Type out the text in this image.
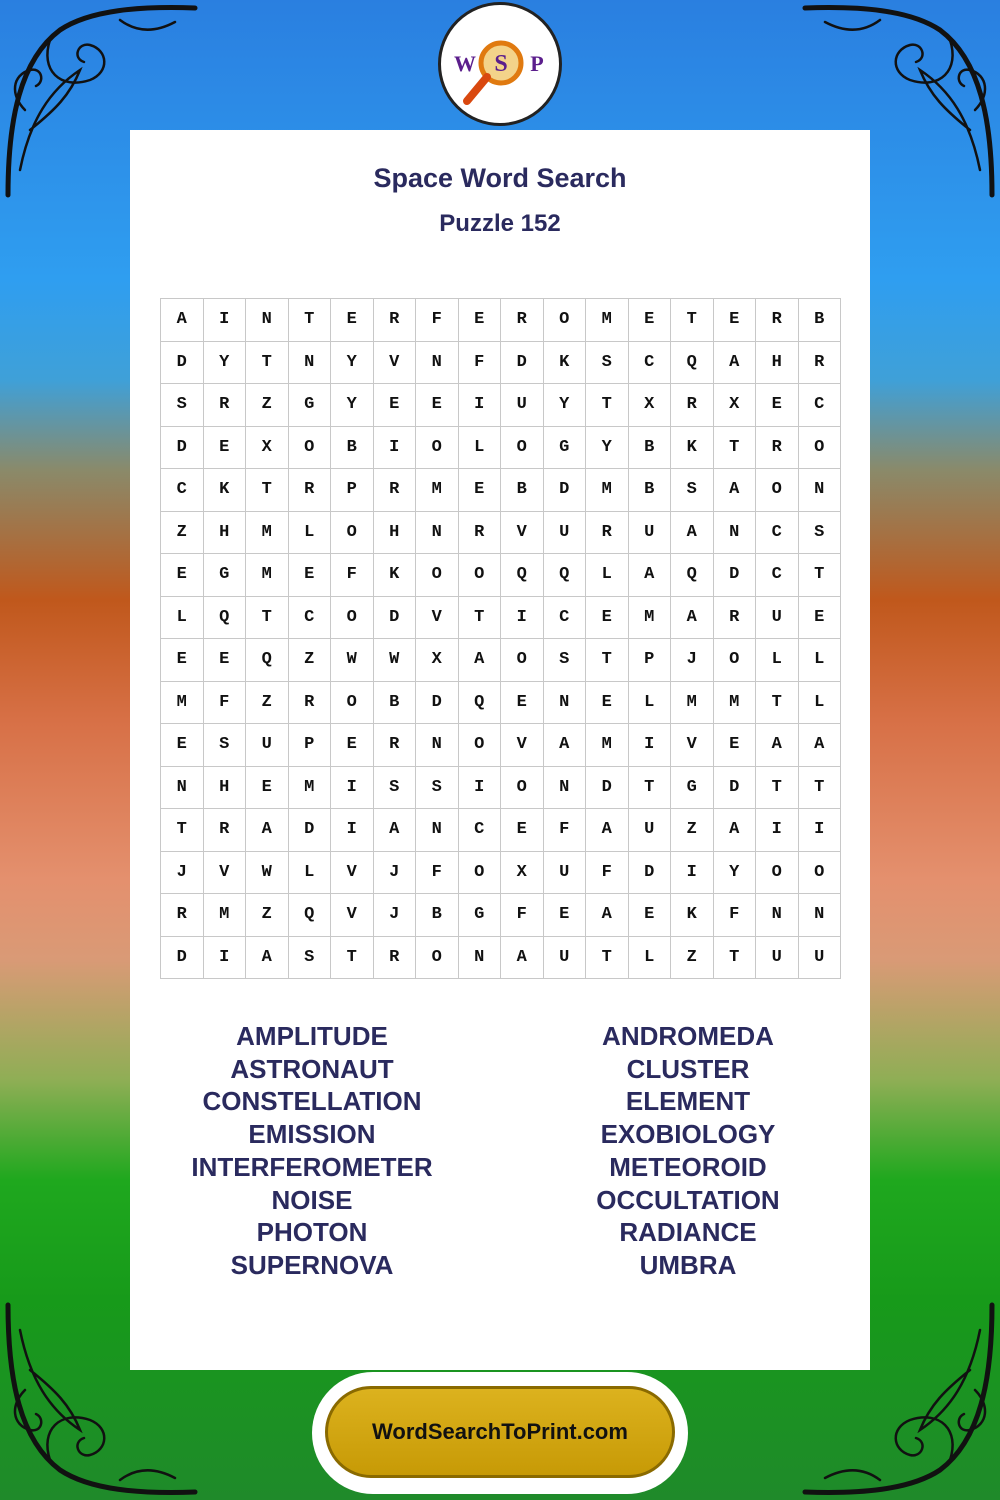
W S P
Space Word Search
Puzzle 152
A	I	N	T	E	R	F	E	R	O	M	E	T	E	R	B
D	Y	T	N	Y	V	N	F	D	K	S	C	Q	A	H	R
S	R	Z	G	Y	E	E	I	U	Y	T	X	R	X	E	C
D	E	X	O	B	I	O	L	O	G	Y	B	K	T	R	O
C	K	T	R	P	R	M	E	B	D	M	B	S	A	O	N
Z	H	M	L	O	H	N	R	V	U	R	U	A	N	C	S
E	G	M	E	F	K	O	O	Q	Q	L	A	Q	D	C	T
L	Q	T	C	O	D	V	T	I	C	E	M	A	R	U	E
E	E	Q	Z	W	W	X	A	O	S	T	P	J	O	L	L
M	F	Z	R	O	B	D	Q	E	N	E	L	M	M	T	L
E	S	U	P	E	R	N	O	V	A	M	I	V	E	A	A
N	H	E	M	I	S	S	I	O	N	D	T	G	D	T	T
T	R	A	D	I	A	N	C	E	F	A	U	Z	A	I	I
J	V	W	L	V	J	F	O	X	U	F	D	I	Y	O	O
R	M	Z	Q	V	J	B	G	F	E	A	E	K	F	N	N
D	I	A	S	T	R	O	N	A	U	T	L	Z	T	U	U
AMPLITUDE
ASTRONAUT
CONSTELLATION
EMISSION
INTERFEROMETER
NOISE
PHOTON
SUPERNOVA
ANDROMEDA
CLUSTER
ELEMENT
EXOBIOLOGY
METEOROID
OCCULTATION
RADIANCE
UMBRA
WordSearchToPrint.com
